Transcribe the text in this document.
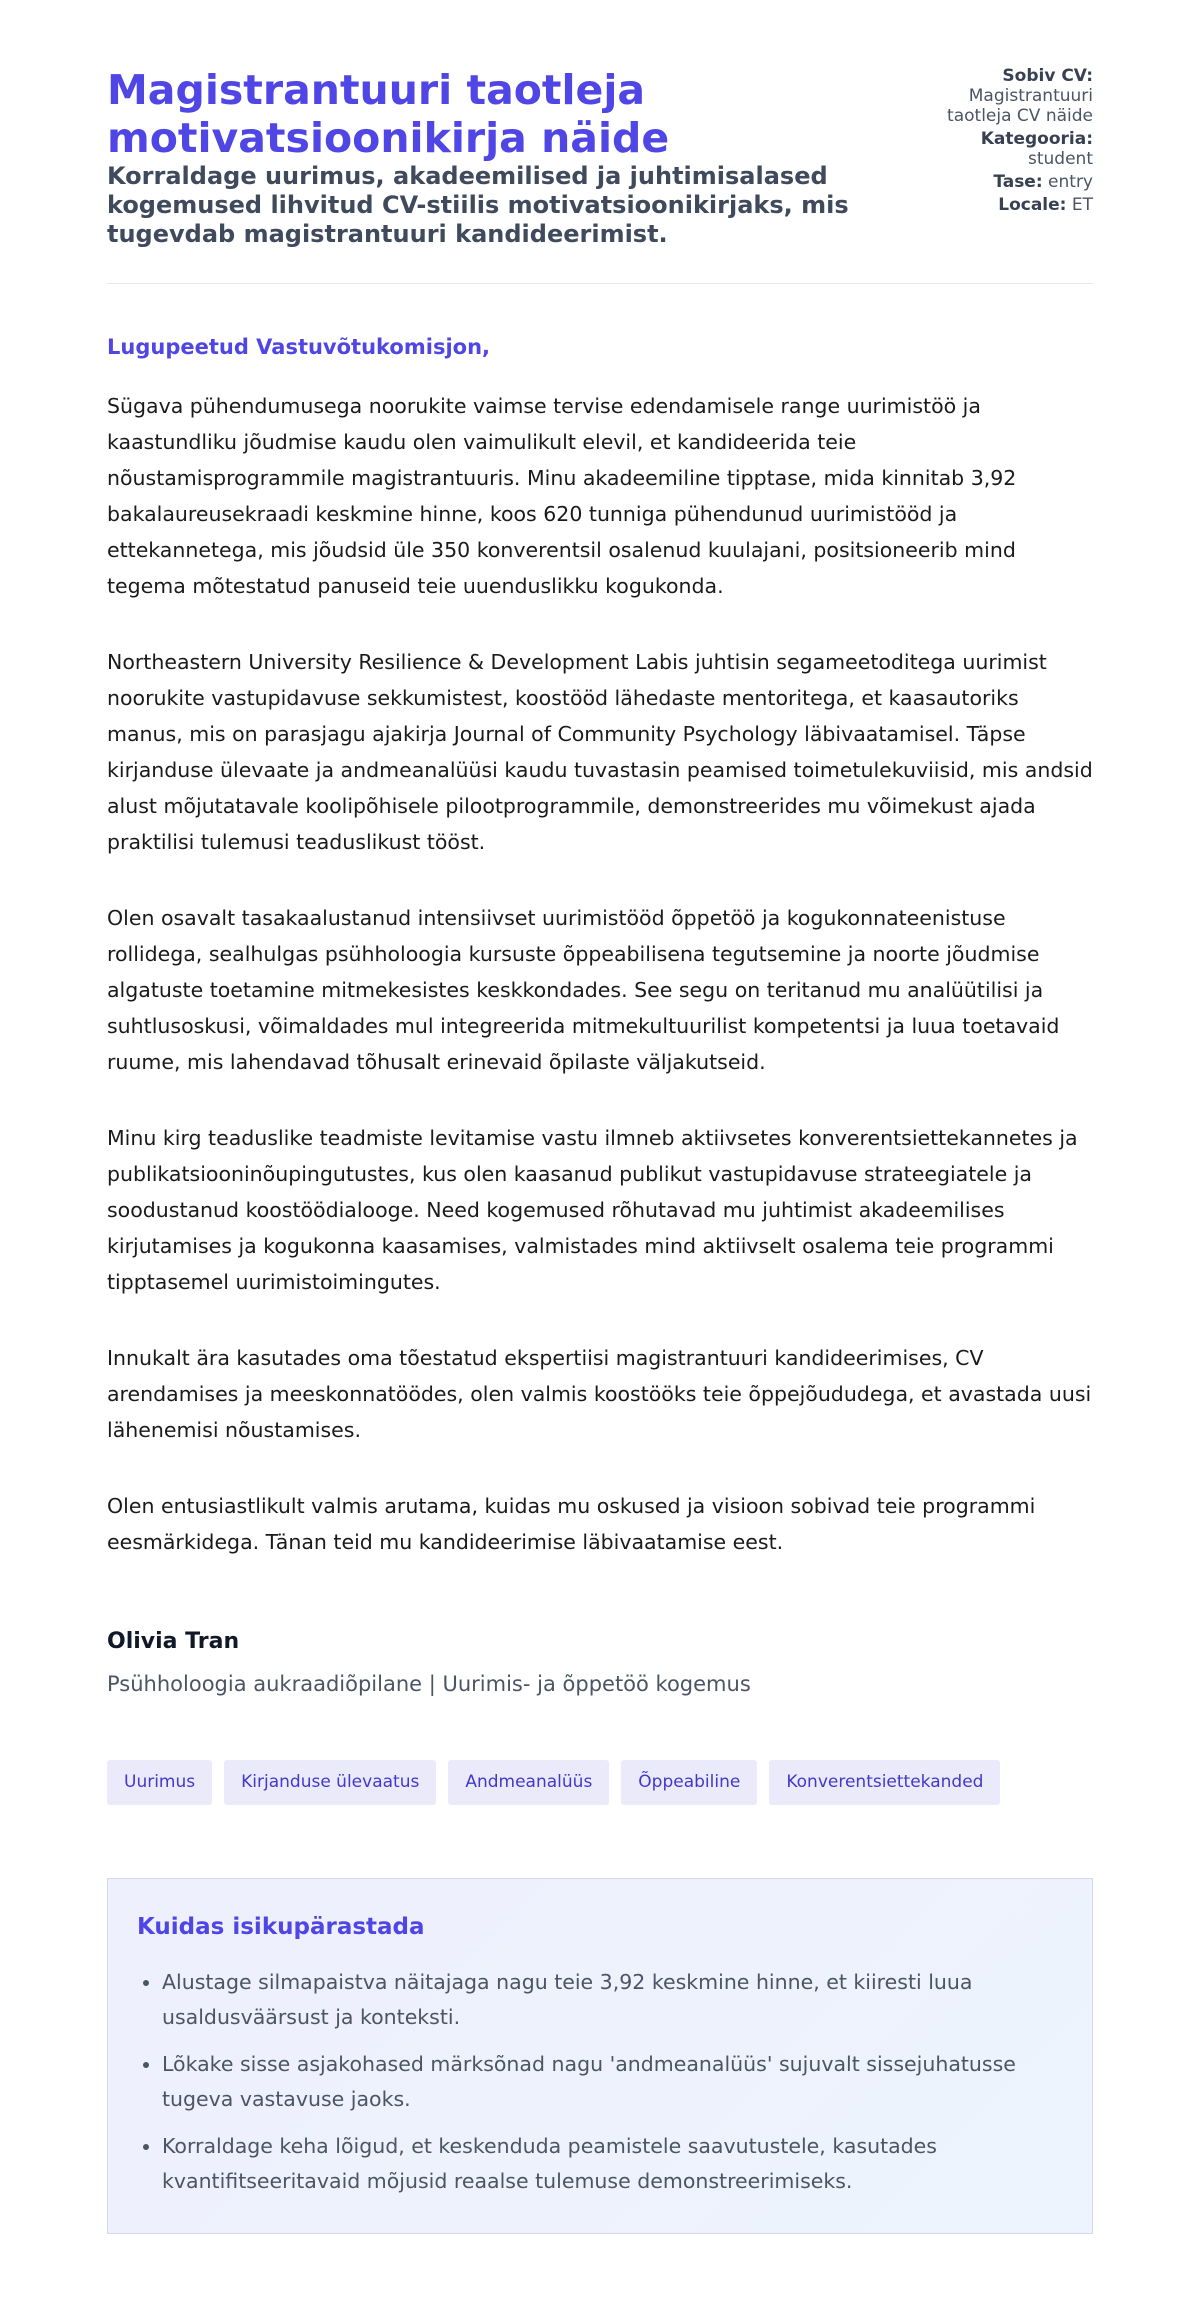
Magistrantuuri taotleja motivatsioonikirja näide
Korraldage uurimus, akadeemilised ja juhtimisalased kogemused lihvitud CV-stiilis motivatsioonikirjaks, mis tugevdab magistrantuuri kandideerimist.
Sobiv CV: Magistrantuuri taotleja CV näide
Kategooria: student
Tase: entry
Locale: ET

Lugupeetud Vastuvõtukomisjon,

Sügava pühendumusega noorukite vaimse tervise edendamisele range uurimistöö ja kaastundliku jõudmise kaudu olen vaimulikult elevil, et kandideerida teie nõustamisprogrammile magistrantuuris. Minu akadeemiline tipptase, mida kinnitab 3,92 bakalaureusekraadi keskmine hinne, koos 620 tunniga pühendunud uurimistööd ja ettekannetega, mis jõudsid üle 350 konverentsil osalenud kuulajani, positsioneerib mind tegema mõtestatud panuseid teie uuenduslikku kogukonda.

Northeastern University Resilience & Development Labis juhtisin segameetoditega uurimist noorukite vastupidavuse sekkumistest, koostööd lähedaste mentoritega, et kaasautoriks manus, mis on parasjagu ajakirja Journal of Community Psychology läbivaatamisel. Täpse kirjanduse ülevaate ja andmeanalüüsi kaudu tuvastasin peamised toimetulekuviisid, mis andsid alust mõjutatavale koolipõhisele pilootprogrammile, demonstreerides mu võimekust ajada praktilisi tulemusi teaduslikust tööst.

Olen osavalt tasakaalustanud intensiivset uurimistööd õppetöö ja kogukonnateenistuse rollidega, sealhulgas psühholoogia kursuste õppeabilisena tegutsemine ja noorte jõudmise algatuste toetamine mitmekesistes keskkondades. See segu on teritanud mu analüütilisi ja suhtlusoskusi, võimaldades mul integreerida mitmekultuurilist kompetentsi ja luua toetavaid ruume, mis lahendavad tõhusalt erinevaid õpilaste väljakutseid.

Minu kirg teaduslike teadmiste levitamise vastu ilmneb aktiivsetes konverentsiettekannetes ja publikatsiooninõupingutustes, kus olen kaasanud publikut vastupidavuse strateegiatele ja soodustanud koostöödialooge. Need kogemused rõhutavad mu juhtimist akadeemilises kirjutamises ja kogukonna kaasamises, valmistades mind aktiivselt osalema teie programmi tipptasemel uurimistoimingutes.

Innukalt ära kasutades oma tõestatud ekspertiisi magistrantuuri kandideerimises, CV arendamises ja meeskonnatöödes, olen valmis koostööks teie õppejõududega, et avastada uusi lähenemisi nõustamises.

Olen entusiastlikult valmis arutama, kuidas mu oskused ja visioon sobivad teie programmi eesmärkidega. Tänan teid mu kandideerimise läbivaatamise eest.

Olivia Tran

Psühholoogia aukraadiõpilane | Uurimis- ja õppetöö kogemus

Uurimus	Kirjanduse ülevaatus	Andmeanalüüs	Õppeabiline	Konverentsiettekanded
Kuidas isikupärastada
• Alustage silmapaistva näitajaga nagu teie 3,92 keskmine hinne, et kiiresti luua usaldusväärsust ja konteksti.
• Lõkake sisse asjakohased märksõnad nagu 'andmeanalüüs' sujuvalt sissejuhatusse tugeva vastavuse jaoks.
• Korraldage keha lõigud, et keskenduda peamistele saavutustele, kasutades kvantifitseeritavaid mõjusid reaalse tulemuse demonstreerimiseks.
